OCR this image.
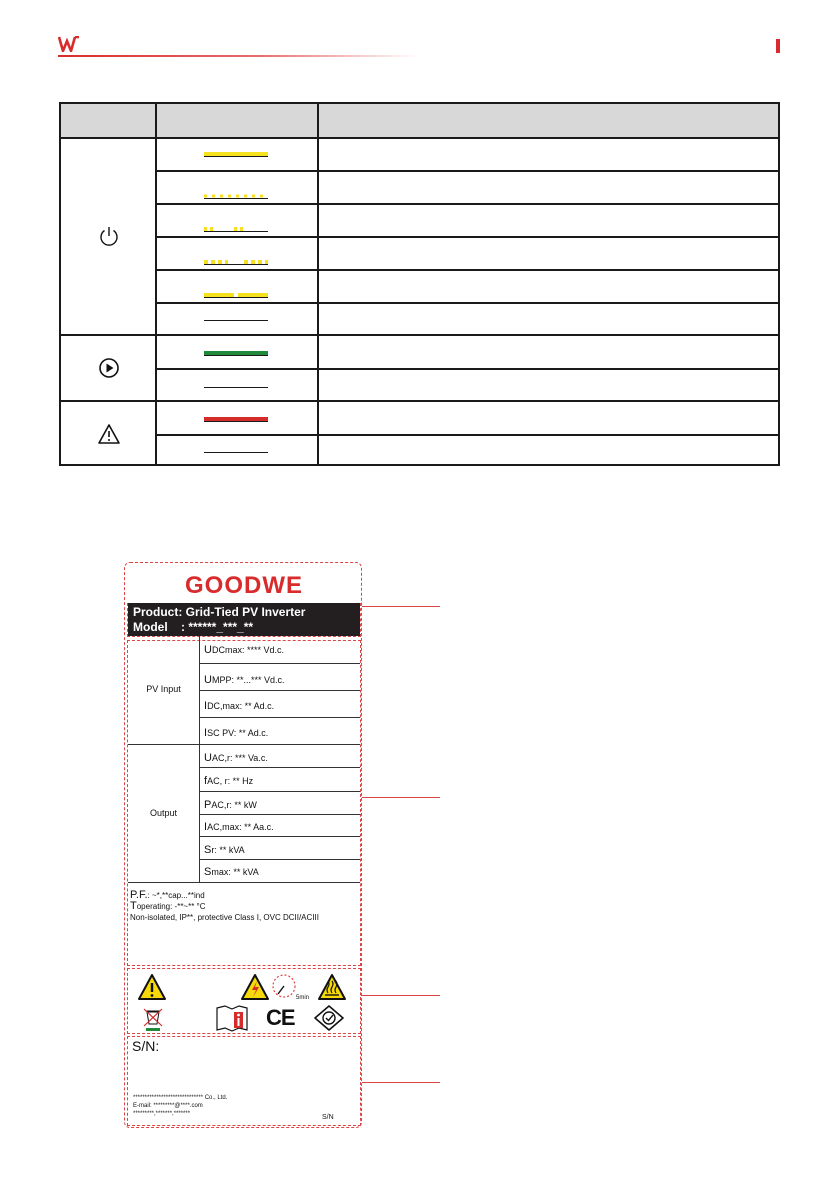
GOODWE
Product: Grid-Tied PV Inverter
Model    : ******_***_**
PV Input
Output
UDCmax: **** Vd.c.
UMPP: **...*** Vd.c.
IDC,max: ** Ad.c.
ISC PV: ** Ad.c.
UAC,r: *** Va.c.
fAC, r: ** Hz
PAC,r: ** kW
IAC,max: ** Aa.c.
Sr: ** kVA
Smax: ** kVA
P.F.: ~*,**cap...**ind
Toperating: -**~** °C
Non-isolated, IP**, protective Class I, OVC DCII/ACIII
5min
CE
S/N:
****************************** Co., Ltd.
E-mail: *********@****.com
*********,*******,*******	S/N
